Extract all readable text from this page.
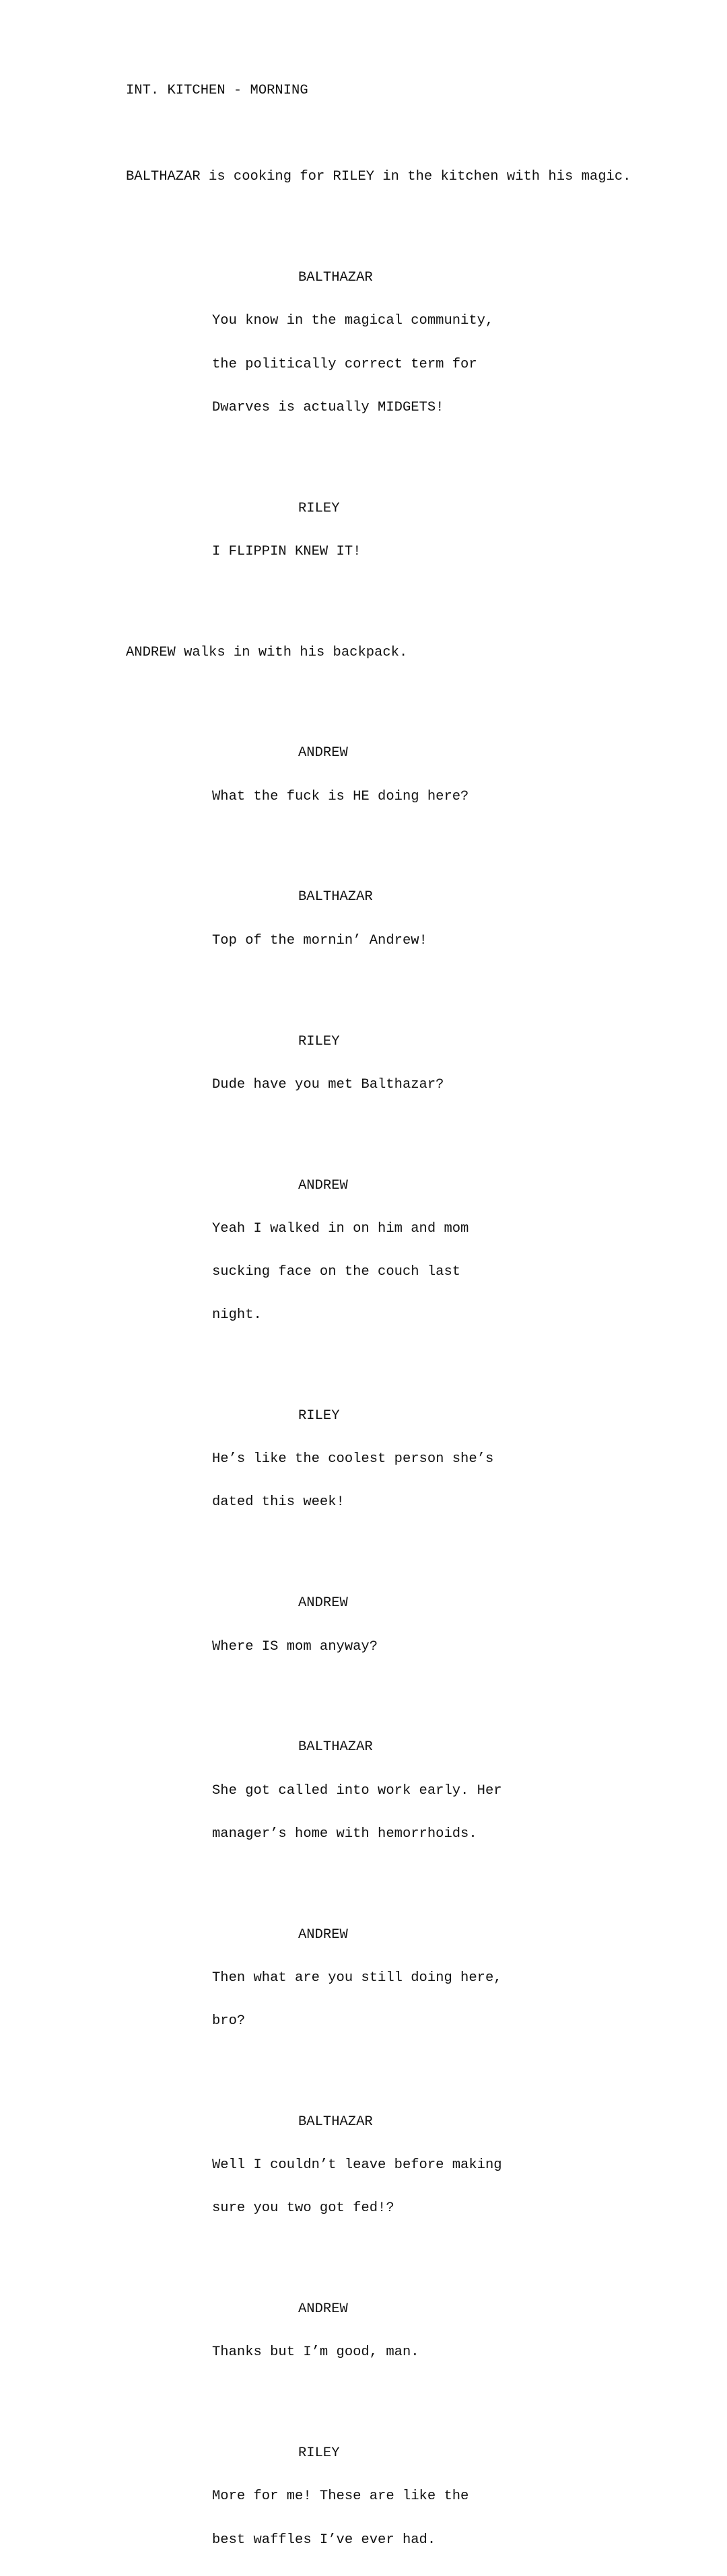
INT. KITCHEN - MORNING

BALTHAZAR is cooking for RILEY in the kitchen with his magic.

BALTHAZAR

You know in the magical community,

the politically correct term for

Dwarves is actually MIDGETS!

RILEY

I FLIPPIN KNEW IT!

ANDREW walks in with his backpack.

ANDREW

What the fuck is HE doing here?

BALTHAZAR

Top of the mornin’ Andrew!

RILEY

Dude have you met Balthazar?

ANDREW

Yeah I walked in on him and mom

sucking face on the couch last

night.

RILEY

He’s like the coolest person she’s

dated this week!

ANDREW

Where IS mom anyway?

BALTHAZAR

She got called into work early. Her

manager’s home with hemorrhoids.

ANDREW

Then what are you still doing here,

bro?

BALTHAZAR

Well I couldn’t leave before making

sure you two got fed!?

ANDREW

Thanks but I’m good, man.

RILEY

More for me! These are like the

best waffles I’ve ever had.
